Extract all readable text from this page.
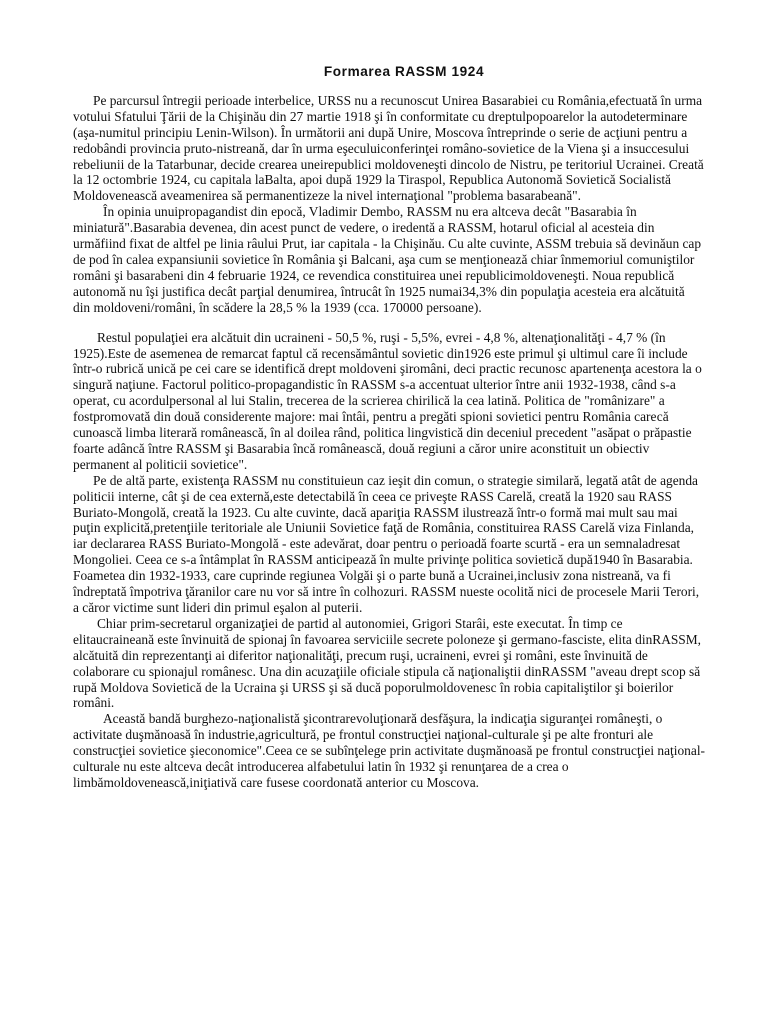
Formarea RASSM 1924

Pe parcursul întregii perioade interbelice, URSS nu a recunoscut Unirea Basarabiei cu România,efectuată în urma votului Sfatului Ţării de la Chişinău din 27 martie 1918 şi în conformitate cu dreptulpopoarelor la autodeterminare (aşa-numitul principiu Lenin-Wilson). În următorii ani după Unire, Moscova întreprinde o serie de acţiuni pentru a redobândi provincia pruto-nistreană, dar în urma eşeculuiconferinţei româno-sovietice de la Viena şi a insuccesului rebeliunii de la Tatarbunar, decide crearea uneirepublici moldoveneşti dincolo de Nistru, pe teritoriul Ucrainei. Creată la 12 octombrie 1924, cu capitala laBalta, apoi după 1929 la Tiraspol, Republica Autonomă Sovietică Socialistă Moldovenească aveamenirea să permanentizeze la nivel internaţional "problema basarabeană".

În opinia unuipropagandist din epocă, Vladimir Dembo, RASSM nu era altceva decât "Basarabia în miniatură".Basarabia devenea, din acest punct de vedere, o iredentă a RASSM, hotarul oficial al acesteia din urmăfiind fixat de altfel pe linia râului Prut, iar capitala - la Chişinău. Cu alte cuvinte, ASSM trebuia să devinăun cap de pod în calea expansiunii sovietice în România şi Balcani, aşa cum se menţionează chiar înmemoriul comuniştilor români şi basarabeni din 4 februarie 1924, ce revendica constituirea unei republicimoldoveneşti. Noua republică autonomă nu îşi justifica decât parţial denumirea, întrucât în 1925 numai34,3% din populaţia acesteia era alcătuită din moldoveni/români, în scădere la 28,5 % la 1939 (cca. 170000 persoane).

Restul populaţiei era alcătuit din ucraineni - 50,5 %, ruşi - 5,5%, evrei - 4,8 %, altenaţionalităţi - 4,7 % (în 1925).Este de asemenea de remarcat faptul că recensământul sovietic din1926 este primul şi ultimul care îi include într-o rubrică unică pe cei care se identifică drept moldoveni şiromâni, deci practic recunosc apartenenţa acestora la o singură naţiune. Factorul politico-propagandistic în RASSM s-a accentuat ulterior între anii 1932-1938, când s-a operat, cu acordulpersonal al lui Stalin, trecerea de la scrierea chirilică la cea latină. Politica de "românizare" a fostpromovată din două considerente majore: mai întâi, pentru a pregăti spioni sovietici pentru România carесă cunoască limba literară românească, în al doilea rând, politica lingvistică din deceniul precedent "asăpat o prăpastie foarte adâncă între RASSM şi Basarabia încă românească, două regiuni a căror unire aconstituit un obiectiv permanent al politicii sovietice".

Pe de altă parte, existenţa RASSM nu constituieun caz ieşit din comun, o strategie similară, legată atât de agenda politicii interne, cât şi de cea externă,este detectabilă în ceea ce priveşte RASS Carelă, creată la 1920 sau RASS Buriato-Mongolă, creată la 1923. Cu alte cuvinte, dacă apariţia RASSM ilustrează într-o formă mai mult sau mai puţin explicită,pretenţiile teritoriale ale Uniunii Sovietice faţă de România, constituirea RASS Carelă viza Finlanda, iar declararea RASS Buriato-Mongolă - este adevărat, doar pentru o perioadă foarte scurtă - era un semnaladresat Mongoliei. Ceea ce s-a întâmplat în RASSM anticipează în multe privinţe politica sovietică după1940 în Basarabia. Foametea din 1932-1933, care cuprinde regiunea Volgăi şi o parte bună a Ucrainei,inclusiv zona nistreană, va fi îndreptată împotriva ţăranilor care nu vor să intre în colhozuri. RASSM nueste ocolită nici de procesele Marii Terori, a căror victime sunt lideri din primul eşalon al puterii.

Chiar prim-secretarul organizaţiei de partid al autonomiei, Grigori Starâi, este executat. În timp ce elitaucraineană este învinuită de spionaj în favoarea serviciile secrete poloneze şi germano-fasciste, elita dinRASSM, alcătuită din reprezentanţi ai diferitor naţionalităţi, precum ruşi, ucraineni, evrei şi români, este învinuită de colaborare cu spionajul românesc. Una din acuzaţiile oficiale stipula că naţionaliştii dinRASSM "aveau drept scop să rupă Moldova Sovietică de la Ucraina şi URSS şi să ducă poporulmoldovenesc în robia capitaliştilor şi boierilor români.

Această bandă burghezo-naţionalistă şicontrarevoluţionară desfăşura, la indicaţia siguranţei româneşti, o activitate duşmănoasă în industrie,agricultură, pe frontul construcţiei naţional-culturale şi pe alte fronturi ale construcţiei sovietice şieconomice".Ceea ce se subînţelege prin activitate duşmănoasă pe frontul construcţiei naţional-culturale nu este altceva decât introducerea alfabetului latin în 1932 şi renunţarea de a crea o limbămoldovenească,iniţiativă care fusese coordonată anterior cu Moscova.
